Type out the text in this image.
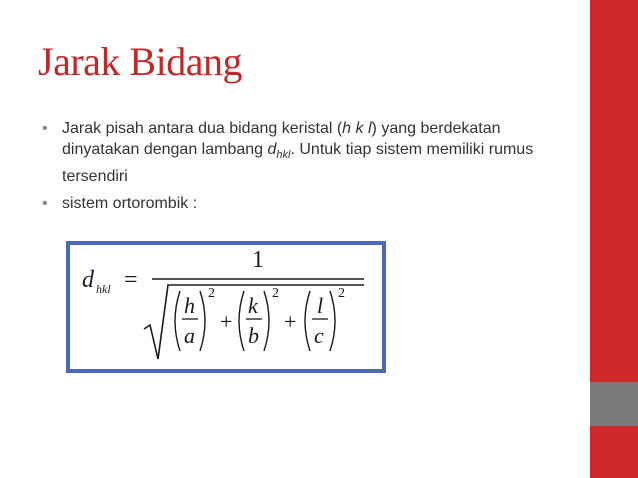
Jarak Bidang
• Jarak pisah antara dua bidang keristal (h k l) yang berdekatan dinyatakan dengan lambang $d_{hkl}$. Untuk tiap sistem memiliki rumus tersendiri
• sistem ortorombik :
d hkl =
1
h
a
2
+
k
b
2
+
l
c
2
